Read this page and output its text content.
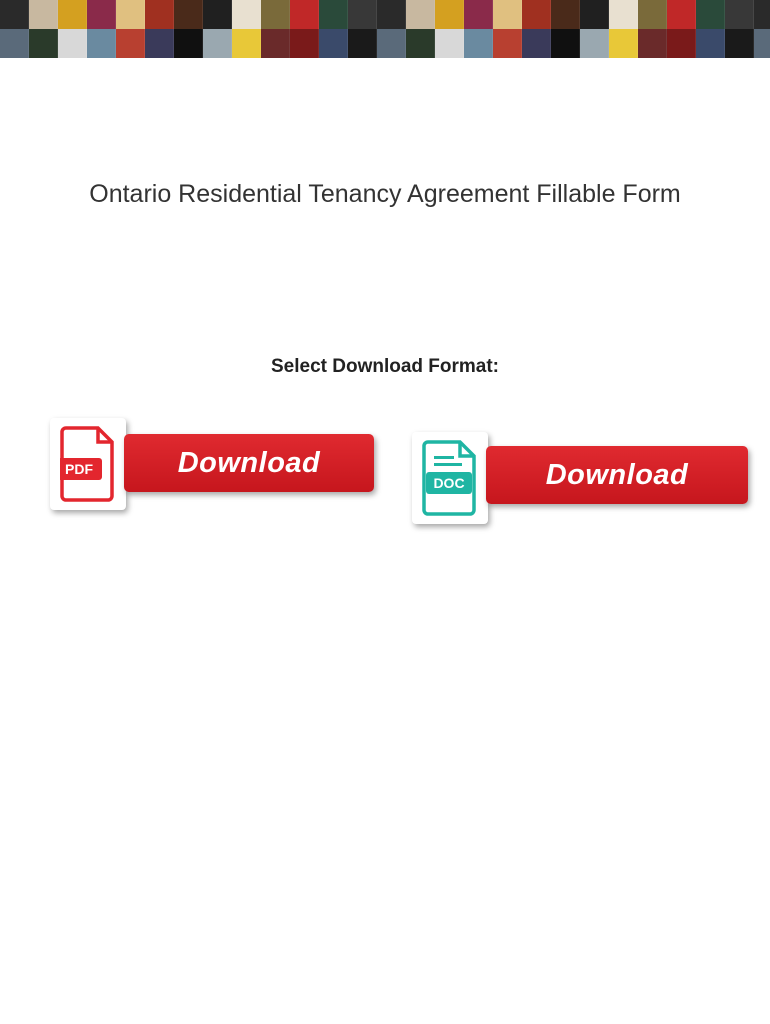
Ontario Residential Tenancy Agreement Fillable Form
Select Download Format:
PDF	Download
DOC	Download
